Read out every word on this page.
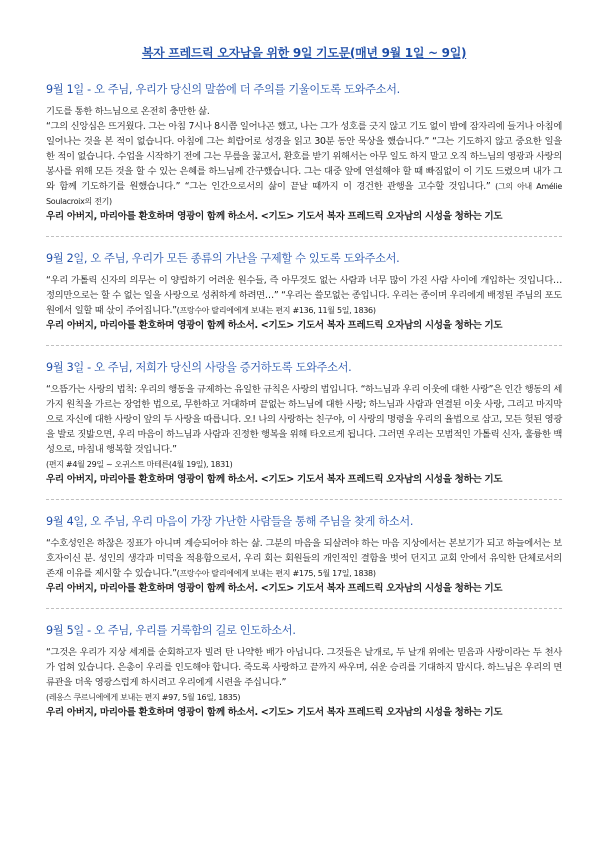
복자 프레드릭 오자남을 위한 9일 기도문(매년 9월 1일 ~ 9일)
9월 1일 - 오 주님, 우리가 당신의 말씀에 더 주의를 기울이도록 도와주소서.

기도를 통한 하느님으로 온전히 충만한 삶.

“그의 신앙심은 뜨거웠다. 그는 아침 7시나 8시쯤 일어나곤 했고, 나는 그가 성호를 긋지 않고 기도 없이 밤에 잠자리에 들거나 아침에 일어나는 것을 본 적이 없습니다. 아침에 그는 희랍어로 성경을 읽고 30분 동안 묵상을 했습니다.” “그는 기도하지 않고 중요한 일을 한 적이 없습니다. 수업을 시작하기 전에 그는 무릎을 꿇고서, 환호를 받기 위해서는 아무 일도 하지 말고 오직 하느님의 영광과 사랑의 봉사를 위해 모든 것을 할 수 있는 은혜를 하느님께 간구했습니다. 그는 대중 앞에 연설해야 할 때 빠짐없이 이 기도 드렸으며 내가 그와 함께 기도하기를 원했습니다.” “그는 인간으로서의 삶이 끝날 때까지 이 경건한 관행을 고수할 것입니다.” (그의 아내 Amélie Soulacroix의 전기)

우리 아버지, 마리아를 환호하며 영광이 함께 하소서. <기도> 기도서 복자 프레드릭 오자남의 시성을 청하는 기도

9월 2일, 오 주님, 우리가 모든 종류의 가난을 구제할 수 있도록 도와주소서.

“우리 가톨릭 신자의 의무는 이 양립하기 어려운 원수들, 즉 아무것도 없는 사람과 너무 많이 가진 사람 사이에 개입하는 것입니다… 정의만으로는 할 수 없는 일을 사랑으로 성취하게 하려면…” “우리는 쓸모없는 종입니다. 우리는 종이며 우리에게 배정된 주님의 포도원에서 일할 때 삯이 주어집니다.”(프랑수아 랄리에에게 보내는 편지 #136, 11월 5일, 1836)

우리 아버지, 마리아를 환호하며 영광이 함께 하소서. <기도> 기도서 복자 프레드릭 오자남의 시성을 청하는 기도

9월 3일 - 오 주님, 저희가 당신의 사랑을 증거하도록 도와주소서.

“으뜸가는 사랑의 법칙: 우리의 행동을 규제하는 유일한 규칙은 사랑의 법입니다. “하느님과 우리 이웃에 대한 사랑”은 인간 행동의 세 가지 원칙을 가르는 장엄한 법으로, 무한하고 거대하며 끝없는 하느님에 대한 사랑; 하느님과 사람과 연결된 이웃 사랑, 그리고 마지막으로 자신에 대한 사랑이 앞의 두 사랑을 따릅니다. 오! 나의 사랑하는 친구야, 이 사랑의 명령을 우리의 율법으로 삼고, 모든 헛된 영광을 발로 짓밟으면, 우리 마음이 하느님과 사람과 진정한 행복을 위해 타오르게 됩니다. 그러면 우리는 모범적인 가톨릭 신자, 훌륭한 백성으로, 마침내 행복할 것입니다.”

(편지 #4월 29일 ~ 오귀스트 마테른(4월 19일), 1831)

우리 아버지, 마리아를 환호하며 영광이 함께 하소서. <기도> 기도서 복자 프레드릭 오자남의 시성을 청하는 기도

9월 4일, 오 주님, 우리 마음이 가장 가난한 사람들을 통해 주님을 찾게 하소서.

“수호성인은 하찮은 징표가 아니며 계승되어야 하는 삶. 그분의 마음을 되살려야 하는 마음 지상에서는 본보기가 되고 하늘에서는 보호자이신 분. 성인의 생각과 미덕을 적용함으로서, 우리 회는 회원들의 개인적인 결함을 벗어 던지고 교회 안에서 유익한 단체로서의 존재 이유를 제시할 수 있습니다.”(프랑수아 랄리에에게 보내는 편지 #175, 5월 17일, 1838)

우리 아버지, 마리아를 환호하며 영광이 함께 하소서. <기도> 기도서 복자 프레드릭 오자남의 시성을 청하는 기도

9월 5일 - 오 주님, 우리를 거룩함의 길로 인도하소서.

“그것은 우리가 지상 세계를 순회하고자 빌려 탄 나약한 배가 아닙니다. 그것들은 날개로, 두 날개 위에는 믿음과 사랑이라는 두 천사가 업혀 있습니다. 은총이 우리를 인도해야 합니다. 죽도록 사랑하고 끝까지 싸우며, 쉬운 승리를 기대하지 맙시다. 하느님은 우리의 면류관을 더욱 영광스럽게 하시려고 우리에게 시련을 주십니다.”

(레옹스 쿠르니에에게 보내는 편지 #97, 5월 16일, 1835)

우리 아버지, 마리아를 환호하며 영광이 함께 하소서. <기도> 기도서 복자 프레드릭 오자남의 시성을 청하는 기도
